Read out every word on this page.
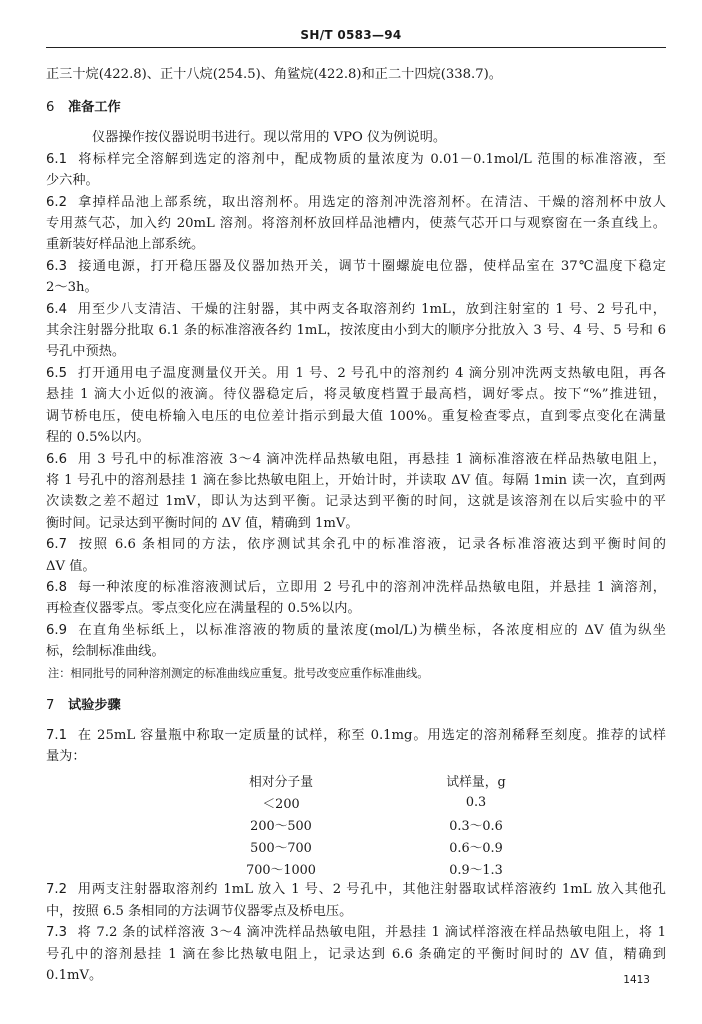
SH/T 0583—94

正三十烷(422.8)、正十八烷(254.5)、角鲨烷(422.8)和正二十四烷(338.7)。

6 准备工作

仪器操作按仪器说明书进行。现以常用的 VPO 仪为例说明。

6.1 将标样完全溶解到选定的溶剂中，配成物质的量浓度为 0.01－0.1mol/L 范围的标准溶液，至

少六种。

6.2 拿掉样品池上部系统，取出溶剂杯。用选定的溶剂冲洗溶剂杯。在清洁、干燥的溶剂杯中放人

专用蒸气芯，加入约 20mL 溶剂。将溶剂杯放回样品池槽内，使蒸气芯开口与观察窗在一条直线上。

重新装好样品池上部系统。

6.3 接通电源，打开稳压器及仪器加热开关，调节十圈螺旋电位器，使样品室在 37℃温度下稳定

2～3h。

6.4 用至少八支清洁、干燥的注射器，其中两支各取溶剂约 1mL，放到注射室的 1 号、2 号孔中，

其余注射器分批取 6.1 条的标准溶液各约 1mL，按浓度由小到大的顺序分批放入 3 号、4 号、5 号和 6

号孔中预热。

6.5 打开通用电子温度测量仪开关。用 1 号、2 号孔中的溶剂约 4 滴分别冲洗两支热敏电阻，再各

悬挂 1 滴大小近似的液滴。待仪器稳定后，将灵敏度档置于最高档，调好零点。按下“%”推进钮，

调节桥电压，使电桥输入电压的电位差计指示到最大值 100%。重复检查零点，直到零点变化在满量

程的 0.5%以内。

6.6 用 3 号孔中的标准溶液 3～4 滴冲洗样品热敏电阻，再悬挂 1 滴标准溶液在样品热敏电阻上，

将 1 号孔中的溶剂悬挂 1 滴在参比热敏电阻上，开始计时，并读取 ΔV 值。每隔 1min 读一次，直到两

次读数之差不超过 1mV，即认为达到平衡。记录达到平衡的时间，这就是该溶剂在以后实验中的平

衡时间。记录达到平衡时间的 ΔV 值，精确到 1mV。

6.7 按照 6.6 条相同的方法，依序测试其余孔中的标准溶液，记录各标准溶液达到平衡时间的

ΔV 值。

6.8 每一种浓度的标准溶液测试后，立即用 2 号孔中的溶剂冲洗样品热敏电阻，并悬挂 1 滴溶剂，

再检查仪器零点。零点变化应在满量程的 0.5%以内。

6.9 在直角坐标纸上，以标准溶液的物质的量浓度(mol/L)为横坐标，各浓度相应的 ΔV 值为纵坐

标，绘制标准曲线。

注：相同批号的同种溶剂测定的标准曲线应重复。批号改变应重作标准曲线。

7 试验步骤

7.1 在 25mL 容量瓶中称取一定质量的试样，称至 0.1mg。用选定的溶剂稀释至刻度。推荐的试样

量为：

相对分子量		试样量，g
＜200		0.3
200～500		0.3～0.6
500～700		0.6～0.9
700～1000		0.9～1.3

7.2 用两支注射器取溶剂约 1mL 放入 1 号、2 号孔中，其他注射器取试样溶液约 1mL 放入其他孔

中，按照 6.5 条相同的方法调节仪器零点及桥电压。

7.3 将 7.2 条的试样溶液 3～4 滴冲洗样品热敏电阻，并悬挂 1 滴试样溶液在样品热敏电阻上，将 1

号孔中的溶剂悬挂 1 滴在参比热敏电阻上，记录达到 6.6 条确定的平衡时间时的 ΔV 值，精确到

0.1mV。	1413
